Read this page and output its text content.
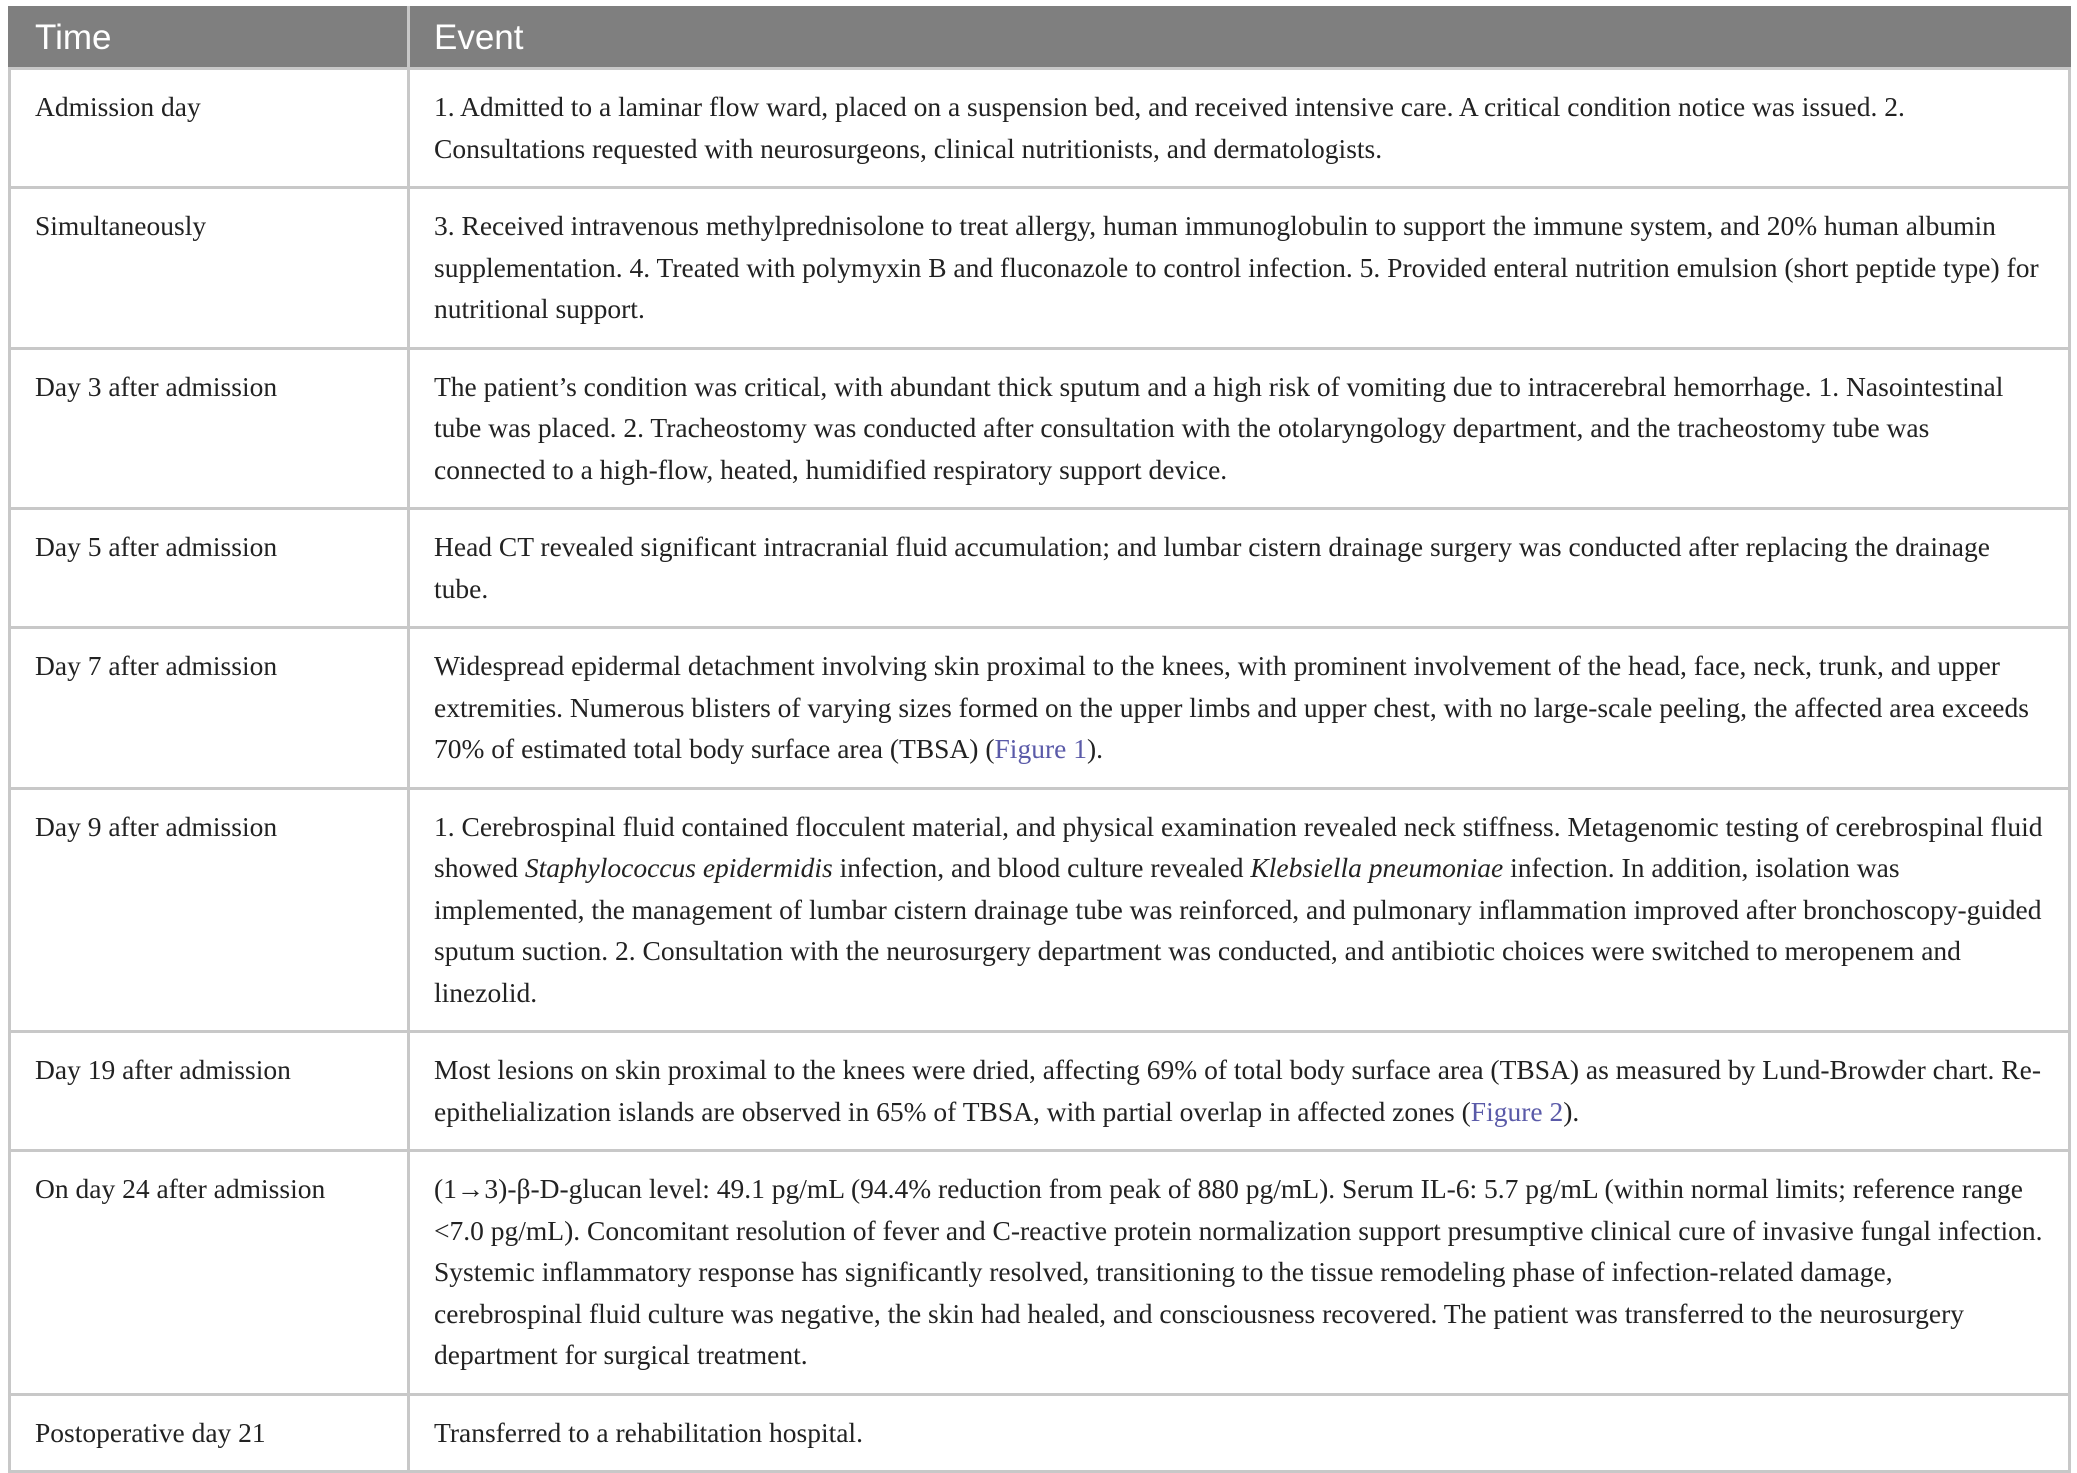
Time	Event
Admission day	1. Admitted to a laminar flow ward, placed on a suspension bed, and received intensive care. A critical condition notice was issued. 2. Consultations requested with neurosurgeons, clinical nutritionists, and dermatologists.
Simultaneously	3. Received intravenous methylprednisolone to treat allergy, human immunoglobulin to support the immune system, and 20% human albumin supplementation. 4. Treated with polymyxin B and fluconazole to control infection. 5. Provided enteral nutrition emulsion (short peptide type) for nutritional support.
Day 3 after admission	The patient’s condition was critical, with abundant thick sputum and a high risk of vomiting due to intracerebral hemorrhage. 1. Nasointestinal tube was placed. 2. Tracheostomy was conducted after consultation with the otolaryngology department, and the tracheostomy tube was connected to a high-flow, heated, humidified respiratory support device.
Day 5 after admission	Head CT revealed significant intracranial fluid accumulation; and lumbar cistern drainage surgery was conducted after replacing the drainage tube.
Day 7 after admission	Widespread epidermal detachment involving skin proximal to the knees, with prominent involvement of the head, face, neck, trunk, and upper extremities. Numerous blisters of varying sizes formed on the upper limbs and upper chest, with no large-scale peeling, the affected area exceeds 70% of estimated total body surface area (TBSA) (Figure 1).
Day 9 after admission	1. Cerebrospinal fluid contained flocculent material, and physical examination revealed neck stiffness. Metagenomic testing of cerebrospinal fluid showed Staphylococcus epidermidis infection, and blood culture revealed Klebsiella pneumoniae infection. In addition, isolation was implemented, the management of lumbar cistern drainage tube was reinforced, and pulmonary inflammation improved after bronchoscopy-guided sputum suction. 2. Consultation with the neurosurgery department was conducted, and antibiotic choices were switched to meropenem and linezolid.
Day 19 after admission	Most lesions on skin proximal to the knees were dried, affecting 69% of total body surface area (TBSA) as measured by Lund-Browder chart. Re-epithelialization islands are observed in 65% of TBSA, with partial overlap in affected zones (Figure 2).
On day 24 after admission	(1→3)-β-D-glucan level: 49.1 pg/mL (94.4% reduction from peak of 880 pg/mL). Serum IL-6: 5.7 pg/mL (within normal limits; reference range <7.0 pg/mL). Concomitant resolution of fever and C-reactive protein normalization support presumptive clinical cure of invasive fungal infection. Systemic inflammatory response has significantly resolved, transitioning to the tissue remodeling phase of infection-related damage, cerebrospinal fluid culture was negative, the skin had healed, and consciousness recovered. The patient was transferred to the neurosurgery department for surgical treatment.
Postoperative day 21	Transferred to a rehabilitation hospital.
